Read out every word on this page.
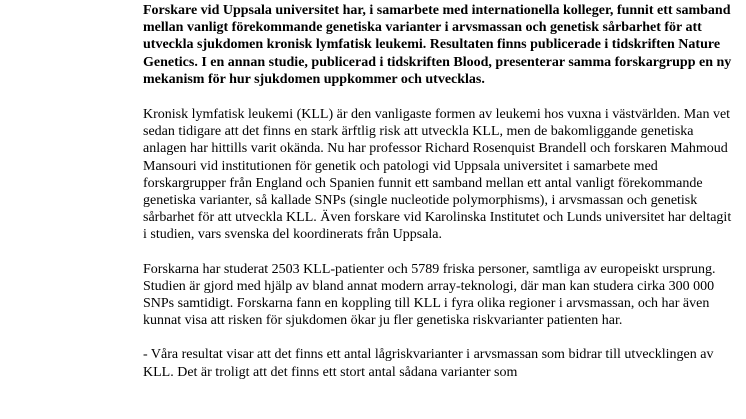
Forskare vid Uppsala universitet har, i samarbete med internationella kolleger, funnit ett samband mellan vanligt förekommande genetiska varianter i arvsmassan och genetisk sårbarhet för att utveckla sjukdomen kronisk lymfatisk leukemi. Resultaten finns publicerade i tidskriften Nature Genetics. I en annan studie, publicerad i tidskriften Blood, presenterar samma forskargrupp en ny mekanism för hur sjukdomen uppkommer och utvecklas.

Kronisk lymfatisk leukemi (KLL) är den vanligaste formen av leukemi hos vuxna i västvärlden. Man vet sedan tidigare att det finns en stark ärftlig risk att utveckla KLL, men de bakomliggande genetiska anlagen har hittills varit okända. Nu har professor Richard Rosenquist Brandell och forskaren Mahmoud Mansouri vid institutionen för genetik och patologi vid Uppsala universitet i samarbete med forskargrupper från England och Spanien funnit ett samband mellan ett antal vanligt förekommande genetiska varianter, så kallade SNPs (single nucleotide polymorphisms), i arvsmassan och genetisk sårbarhet för att utveckla KLL. Även forskare vid Karolinska Institutet och Lunds universitet har deltagit i studien, vars svenska del koordinerats från Uppsala.

Forskarna har studerat 2503 KLL-patienter och 5789 friska personer, samtliga av europeiskt ursprung. Studien är gjord med hjälp av bland annat modern array-teknologi, där man kan studera cirka 300 000 SNPs samtidigt. Forskarna fann en koppling till KLL i fyra olika regioner i arvsmassan, och har även kunnat visa att risken för sjukdomen ökar ju fler genetiska riskvarianter patienten har.

- Våra resultat visar att det finns ett antal lågriskvarianter i arvsmassan som bidrar till utvecklingen av KLL. Det är troligt att det finns ett stort antal sådana varianter som
